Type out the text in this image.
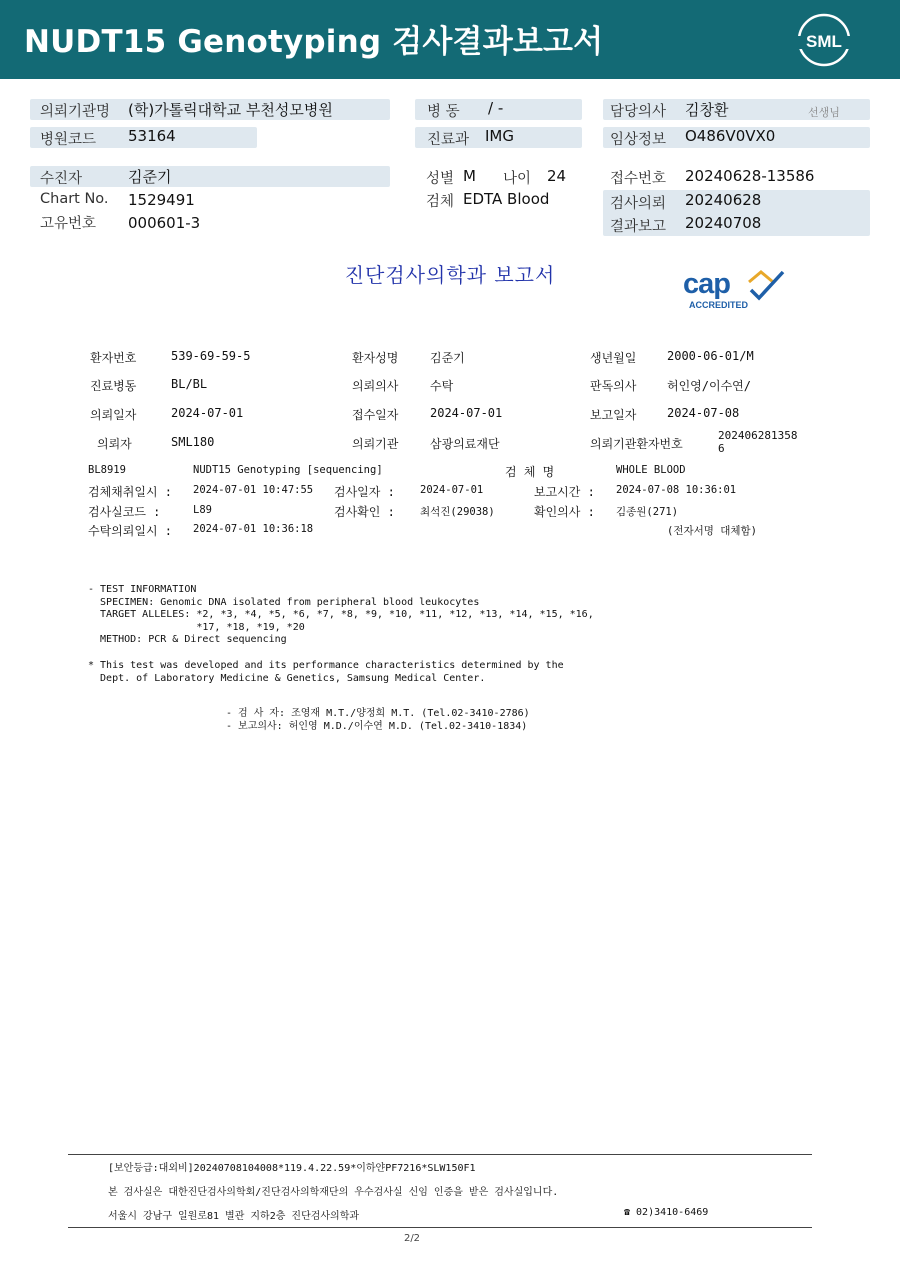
NUDT15 Genotyping 검사결과보고서	SML
의뢰기관명 (학)가톨릭대학교 부천성모병원
병원코드 53164
병 동 / -
진료과 IMG
담당의사 김창환	선생님
임상정보 O486V0VX0
수진자	김준기
Chart No. 1529491
고유번호 000601-3
성별 M 나이 24
검체 EDTA Blood
접수번호 20240628-13586
검사의뢰 20240628
결과보고 20240708
진단검사의학과 보고서	cap
ACCREDITED
환자번호	539-69-59-5	환자성명	김준기	생년월일	2000-06-01/M
진료병동	BL/BL	의뢰의사	수탁	판독의사	허인영/이수연/
의뢰일자	2024-07-01	접수일자	2024-07-01	보고일자	2024-07-08
의뢰자	SML180	의뢰기관	삼광의료재단	의뢰기관환자번호
202406281358
6
BL8919	NUDT15 Genotyping [sequencing]	검 체 명	WHOLE BLOOD
검체채취일시 : 2024-07-01 10:47:55 검사일자 : 2024-07-01	보고시간 : 2024-07-08 10:36:01
검사실코드 :	L89	검사확인 : 최석진(29038)	확인의사 : 김종원(271)
수탁의뢰일시 : 2024-07-01 10:36:18	(전자서명 대체함)
- TEST INFORMATION
SPECIMEN: Genomic DNA isolated from peripheral blood leukocytes
TARGET ALLELES: *2, *3, *4, *5, *6, *7, *8, *9, *10, *11, *12, *13, *14, *15, *16,
*17, *18, *19, *20
METHOD: PCR & Direct sequencing
* This test was developed and its performance characteristics determined by the
Dept. of Laboratory Medicine & Genetics, Samsung Medical Center.
- 검 사 자: 조영재 M.T./양정희 M.T. (Tel.02-3410-2786)
- 보고의사: 허인영 M.D./이수연 M.D. (Tel.02-3410-1834)
[보안등급:대외비]20240708104008*119.4.22.59*이하얀PF7216*SLW150F1
본 검사실은 대한진단검사의학회/진단검사의학재단의 우수검사실 신임 인증을 받은 검사실입니다.
서울시 강남구 일원로81 별관 지하2층 진단검사의학과	☎ 02)3410-6469
2/2
